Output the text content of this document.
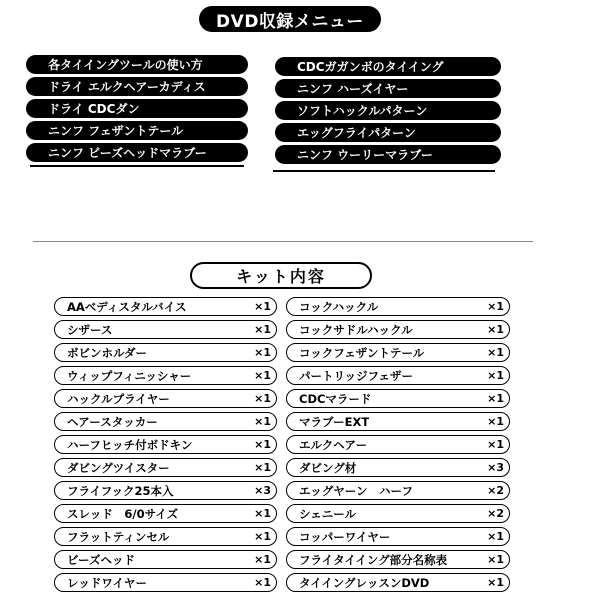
DVD収録メニュー
各タイイングツールの使い方
ドライ エルクヘアーカディス
ドライ CDCダン
ニンフ フェザントテール
ニンフ ビーズヘッドマラブー
CDCガガンボのタイイング
ニンフ ハーズイヤー
ソフトハックルパターン
エッグフライパターン
ニンフ ウーリーマラブー
キット内容
AAベディスタルバイス	×1
シザース	×1
ボビンホルダー	×1
ウィップフィニッシャー	×1
ハックルプライヤー	×1
ヘアースタッカー	×1
ハーフヒッチ付ボドキン	×1
ダビングツイスター	×1
フライフック25本入	×3
スレッド　6/0サイズ	×1
フラットティンセル	×1
ビーズヘッド	×1
レッドワイヤー	×1
コックハックル	×1
コックサドルハックル	×1
コックフェザントテール	×1
パートリッジフェザー	×1
CDCマラード	×1
マラブーEXT	×1
エルクヘアー	×1
ダビング材	×3
エッグヤーン　ハーフ	×2
シェニール	×2
コッパーワイヤー	×1
フライタイイング部分名称表	×1
タイイングレッスンDVD	×1
